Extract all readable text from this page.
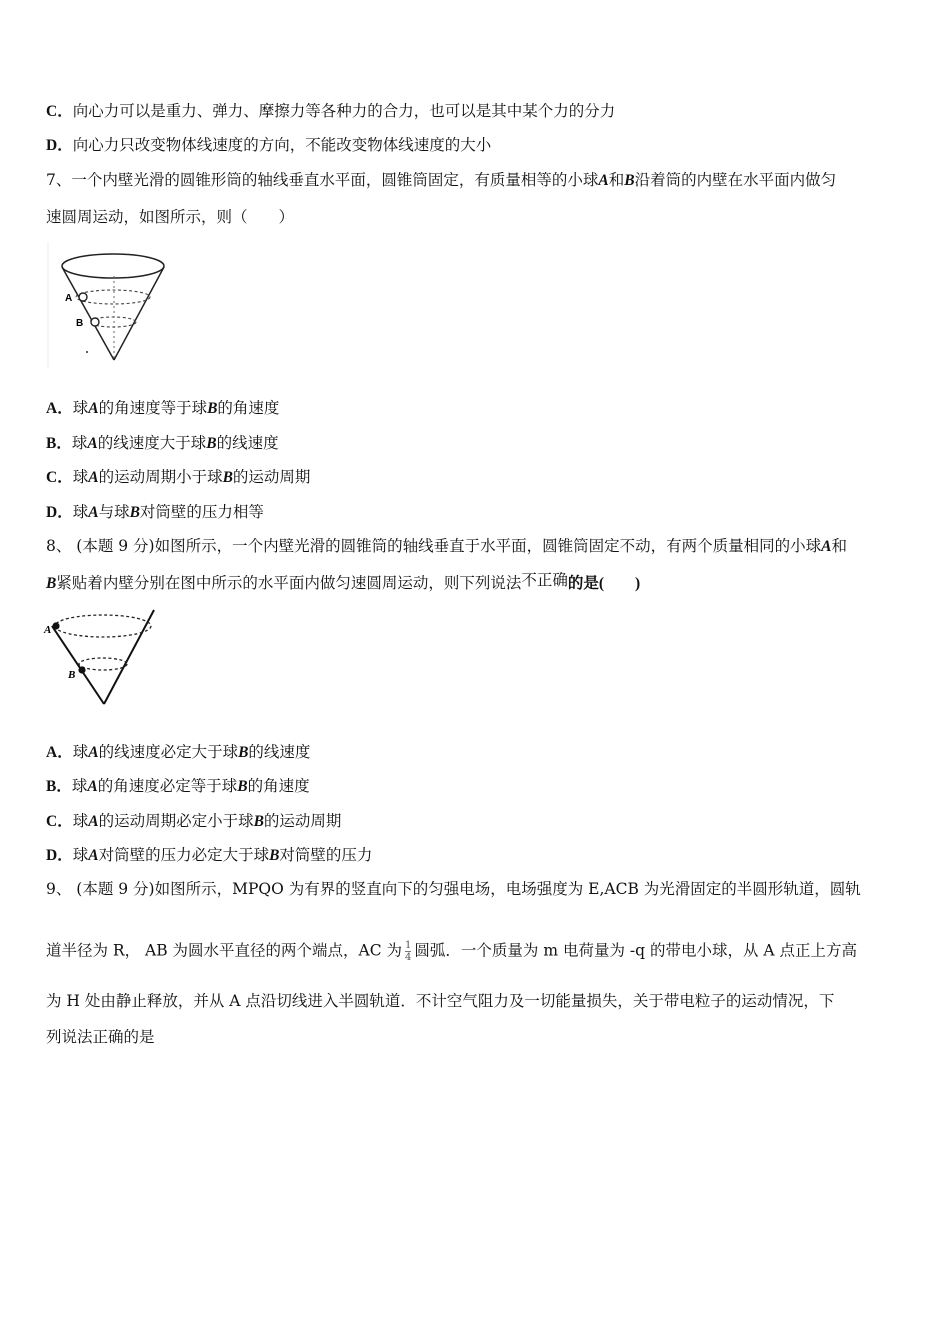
C．向心力可以是重力、弹力、摩擦力等各种力的合力，也可以是其中某个力的分力
D．向心力只改变物体线速度的方向，不能改变物体线速度的大小
7、一个内壁光滑的圆锥形筒的轴线垂直水平面，圆锥筒固定，有质量相等的小球A和B沿着筒的内壁在水平面内做匀
速圆周运动，如图所示，则（　　）
A
B
A．球A的角速度等于球B的角速度
B．球A的线速度大于球B的线速度
C．球A的运动周期小于球B的运动周期
D．球A与球B对筒壁的压力相等
8、 (本题 9 分)如图所示，一个内壁光滑的圆锥筒的轴线垂直于水平面，圆锥筒固定不动，有两个质量相同的小球A和
B紧贴着内壁分别在图中所示的水平面内做匀速圆周运动，则下列说法不正确的是(　　)
A
B
A．球A的线速度必定大于球B的线速度
B．球A的角速度必定等于球B的角速度
C．球A的运动周期必定小于球B的运动周期
D．球A对筒壁的压力必定大于球B对筒壁的压力
9、 (本题 9 分)如图所示，MPQO 为有界的竖直向下的匀强电场，电场强度为 E,ACB 为光滑固定的半圆形轨道，圆轨
道半径为 R， AB 为圆水平直径的两个端点，AC 为 $\frac{1}{4}$ 圆弧．一个质量为 m 电荷量为 -q 的带电小球，从 A 点正上方高
为 H 处由静止释放，并从 A 点沿切线进入半圆轨道．不计空气阻力及一切能量损失，关于带电粒子的运动情况，下
列说法正确的是
